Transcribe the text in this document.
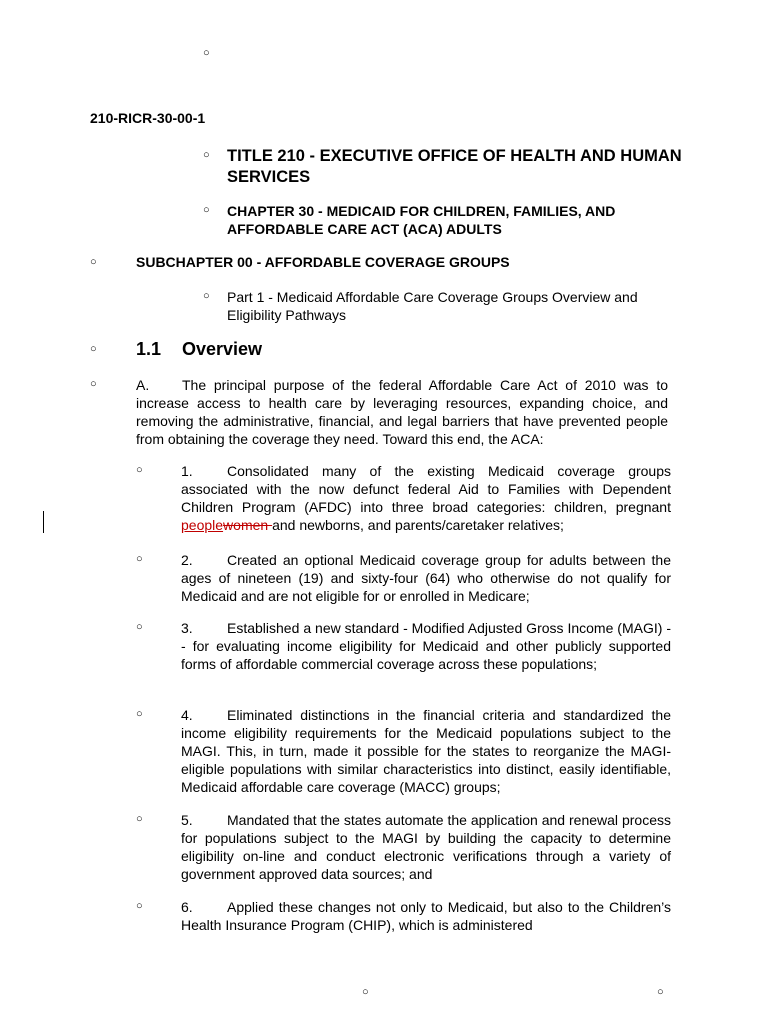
○
210-RICR-30-00-1
○ TITLE 210 - EXECUTIVE OFFICE OF HEALTH AND HUMAN SERVICES
○ CHAPTER 30 - MEDICAID FOR CHILDREN, FAMILIES, AND AFFORDABLE CARE ACT (ACA) ADULTS
○	SUBCHAPTER 00 - AFFORDABLE COVERAGE GROUPS
○ Part 1 - Medicaid Affordable Care Coverage Groups Overview and Eligibility Pathways
○ 1.1 Overview
○	A. The principal purpose of the federal Affordable Care Act of 2010 was to increase access to health care by leveraging resources, expanding choice, and removing the administrative, financial, and legal barriers that have prevented people from obtaining the coverage they need. Toward this end, the ACA:
○	1. Consolidated many of the existing Medicaid coverage groups associated with the now defunct federal Aid to Families with Dependent Children Program (AFDC) into three broad categories: children, pregnant peoplewomen and newborns, and parents/caretaker relatives;
○	2. Created an optional Medicaid coverage group for adults between the ages of nineteen (19) and sixty-four (64) who otherwise do not qualify for Medicaid and are not eligible for or enrolled in Medicare;
○	3. Established a new standard - Modified Adjusted Gross Income (MAGI) -- for evaluating income eligibility for Medicaid and other publicly supported forms of affordable commercial coverage across these populations;
○	4. Eliminated distinctions in the financial criteria and standardized the income eligibility requirements for the Medicaid populations subject to the MAGI. This, in turn, made it possible for the states to reorganize the MAGI-eligible populations with similar characteristics into distinct, easily identifiable, Medicaid affordable care coverage (MACC) groups;
○	5. Mandated that the states automate the application and renewal process for populations subject to the MAGI by building the capacity to determine eligibility on-line and conduct electronic verifications through a variety of government approved data sources; and
○	6. Applied these changes not only to Medicaid, but also to the Children’s Health Insurance Program (CHIP), which is administered
○	○
